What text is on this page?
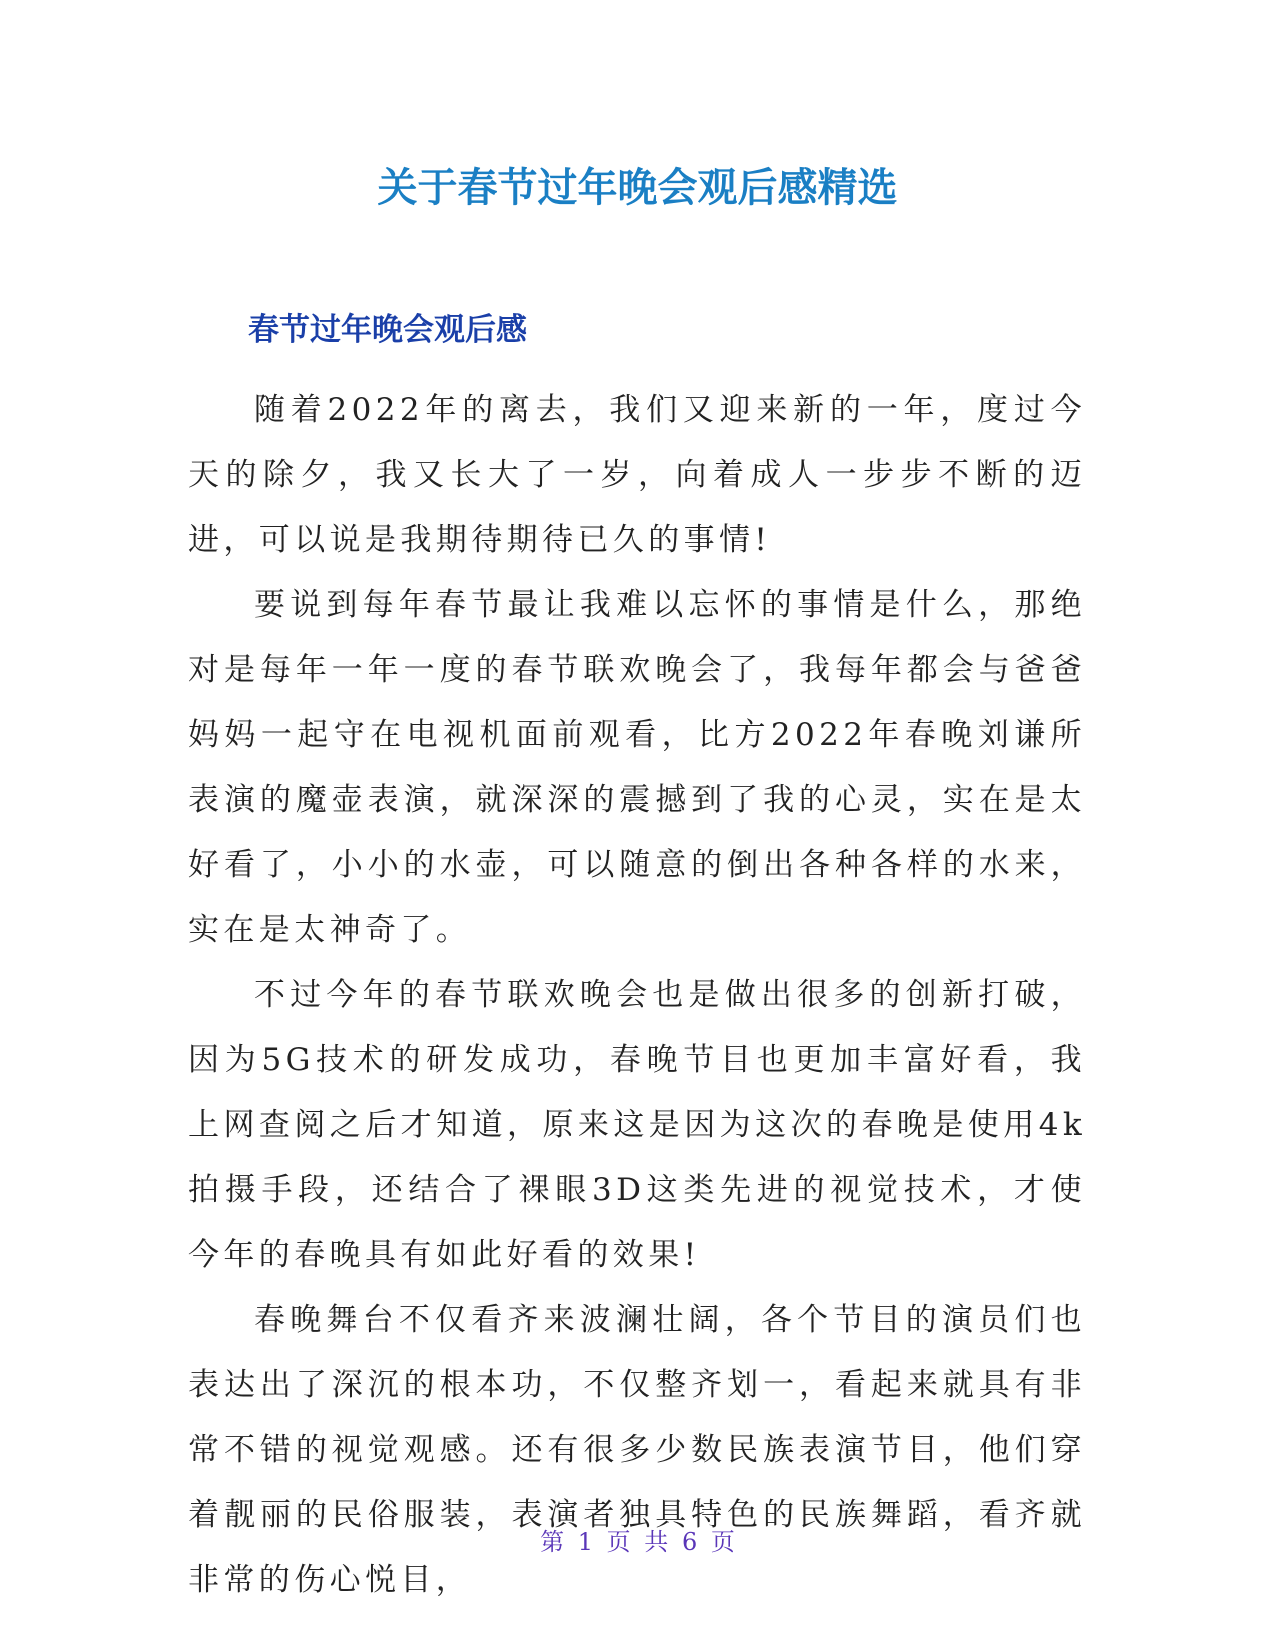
关于春节过年晚会观后感精选
春节过年晚会观后感

随着2022年的离去，我们又迎来新的一年，度过今天的除夕，我又长大了一岁，向着成人一步步不断的迈进，可以说是我期待期待已久的事情!

要说到每年春节最让我难以忘怀的事情是什么，那绝对是每年一年一度的春节联欢晚会了，我每年都会与爸爸妈妈一起守在电视机面前观看，比方2022年春晚刘谦所表演的魔壶表演，就深深的震撼到了我的心灵，实在是太好看了，小小的水壶，可以随意的倒出各种各样的水来，实在是太神奇了。

不过今年的春节联欢晚会也是做出很多的创新打破，因为5G技术的研发成功，春晚节目也更加丰富好看，我上网查阅之后才知道，原来这是因为这次的春晚是使用4k拍摄手段，还结合了裸眼3D这类先进的视觉技术，才使今年的春晚具有如此好看的效果!

春晚舞台不仅看齐来波澜壮阔，各个节目的演员们也表达出了深沉的根本功，不仅整齐划一，看起来就具有非常不错的视觉观感。还有很多少数民族表演节目，他们穿着靓丽的民俗服装，表演者独具特色的民族舞蹈，看齐就非常的伤心悦目，

第 1 页 共 6 页
